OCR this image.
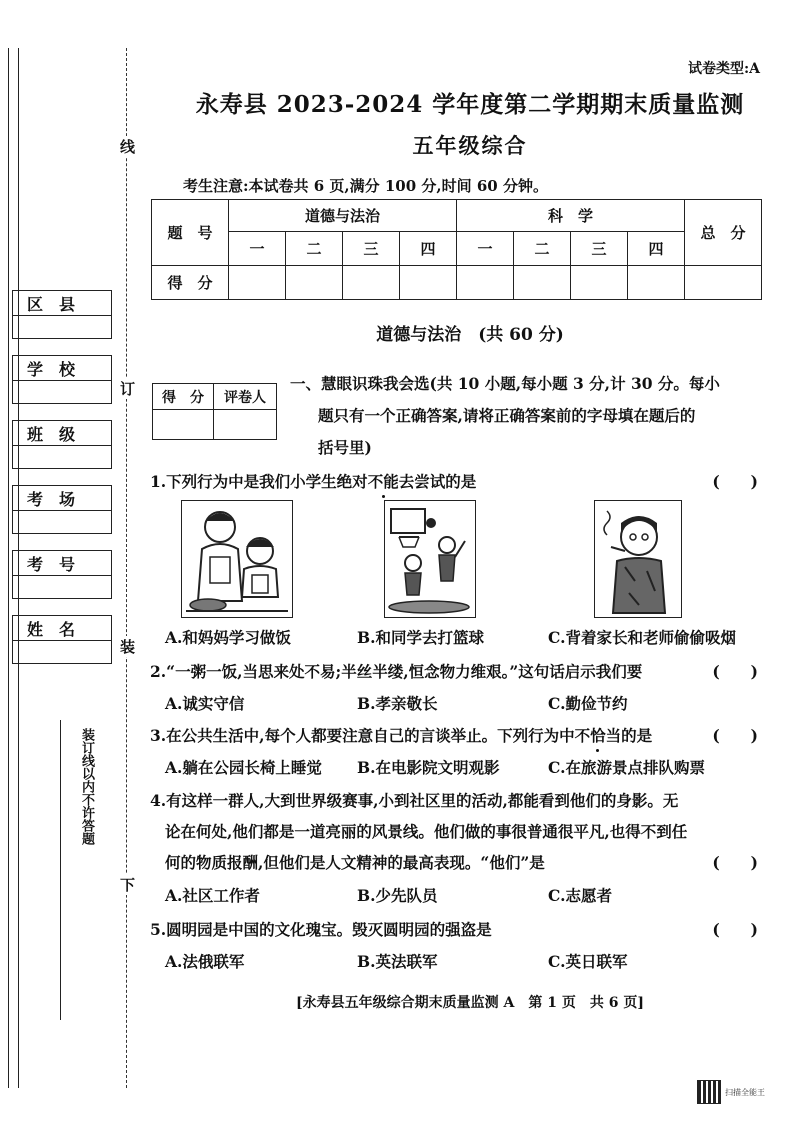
线
订
装
下
区　县
学　校
班　级
考　场
考　号
姓　名
装订线以内不许答题
试卷类型:A
永寿县 2023-2024 学年度第二学期期末质量监测
五年级综合
考生注意:本试卷共 6 页,满分 100 分,时间 60 分钟。
题　号	道德与法治				科　学				总　分
	一	二	三	四	一	二	三	四	
得　分									
道德与法治　(共 60 分)
得　分	评卷人

一、慧眼识珠我会选(共 10 小题,每小题 3 分,计 30 分。每小
题只有一个正确答案,请将正确答案前的字母填在题后的
括号里)
1.下列行为中是我们小学生绝对不能去尝试的是	(　　)
A.和妈妈学习做饭	B.和同学去打篮球	C.背着家长和老师偷偷吸烟
2.“一粥一饭,当思来处不易;半丝半缕,恒念物力维艰。”这句话启示我们要	(　　)
A.诚实守信	B.孝亲敬长	C.勤俭节约
3.在公共生活中,每个人都要注意自己的言谈举止。下列行为中不恰当的是	(　　)
A.躺在公园长椅上睡觉 B.在电影院文明观影	C.在旅游景点排队购票
4.有这样一群人,大到世界级赛事,小到社区里的活动,都能看到他们的身影。无
论在何处,他们都是一道亮丽的风景线。他们做的事很普通很平凡,也得不到任
何的物质报酬,但他们是人文精神的最高表现。“他们”是	(　　)
A.社区工作者	B.少先队员	C.志愿者
5.圆明园是中国的文化瑰宝。毁灭圆明园的强盗是	(　　)
A.法俄联军	B.英法联军	C.英日联军
[永寿县五年级综合期末质量监测 A　第 1 页　共 6 页]
扫描全能王
